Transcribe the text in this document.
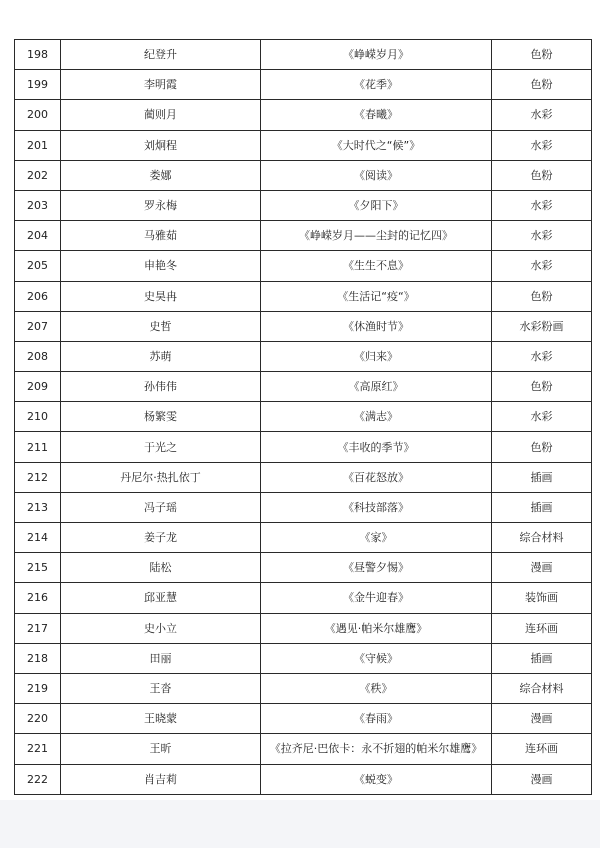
198	纪登升	《峥嵘岁月》	色粉
199	李明霞	《花季》	色粉
200	蔺则月	《春曦》	水彩
201	刘炯程	《大时代之“候”》	水彩
202	娄娜	《阅读》	色粉
203	罗永梅	《夕阳下》	水彩
204	马雅茹	《峥嵘岁月——尘封的记忆四》	水彩
205	申艳冬	《生生不息》	水彩
206	史昊冉	《生活记“疫“》	色粉
207	史哲	《休渔时节》	水彩粉画
208	苏萌	《归来》	水彩
209	孙伟伟	《高原红》	色粉
210	杨繁雯	《满志》	水彩
211	于光之	《丰收的季节》	色粉
212	丹尼尔·热扎依丁	《百花怒放》	插画
213	冯子瑶	《科技部落》	插画
214	姜子龙	《家》	综合材料
215	陆松	《昼警夕惕》	漫画
216	邱亚慧	《金牛迎春》	装饰画
217	史小立	《遇见·帕米尔雄鹰》	连环画
218	田丽	《守候》	插画
219	王沓	《秩》	综合材料
220	王晓蒙	《春雨》	漫画
221	王昕	《拉齐尼·巴依卡：永不折翅的帕米尔雄鹰》	连环画
222	肖吉莉	《蜕变》	漫画
